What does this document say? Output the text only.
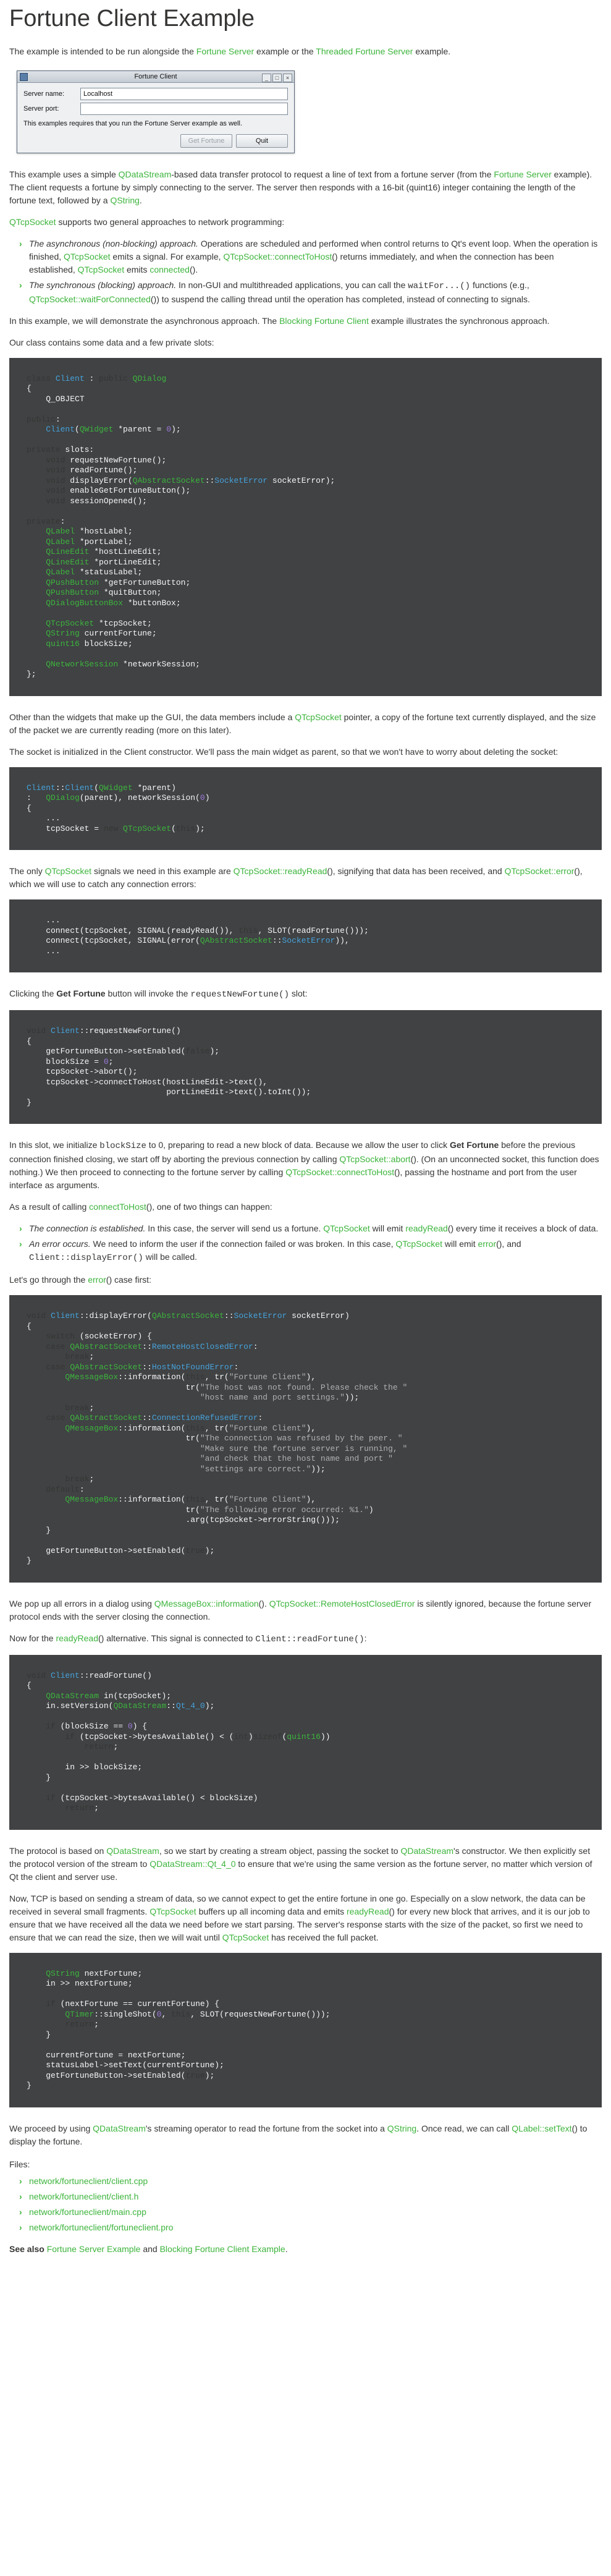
Fortune Client Example

The example is intended to be run alongside the Fortune Server example or the Threaded Fortune Server example.

Fortune Client	_ □ ×
Server name:	Localhost
Server port:
This examples requires that you run the Fortune Server example as well.
Get Fortune	Quit

This example uses a simple QDataStream-based data transfer protocol to request a line of text from a fortune server (from the Fortune Server example). The client requests a fortune by simply connecting to the server. The server then responds with a 16-bit (quint16) integer containing the length of the fortune text, followed by a QString.

QTcpSocket supports two general approaches to network programming:

› The asynchronous (non-blocking) approach. Operations are scheduled and performed when control returns to Qt's event loop. When the operation is finished, QTcpSocket emits a signal. For example, QTcpSocket::connectToHost() returns immediately, and when the connection has been established, QTcpSocket emits connected().
› The synchronous (blocking) approach. In non-GUI and multithreaded applications, you can call the waitFor...() functions (e.g., QTcpSocket::waitForConnected()) to suspend the calling thread until the operation has completed, instead of connecting to signals.

In this example, we will demonstrate the asynchronous approach. The Blocking Fortune Client example illustrates the synchronous approach.

Our class contains some data and a few private slots:

class Client : public QDialog
{
Q_OBJECT

public:
Client(QWidget *parent = 0);

private slots:
void requestNewFortune();
void readFortune();
void displayError(QAbstractSocket::SocketError socketError);
void enableGetFortuneButton();
void sessionOpened();

private:
QLabel *hostLabel;
QLabel *portLabel;
QLineEdit *hostLineEdit;
QLineEdit *portLineEdit;
QLabel *statusLabel;
QPushButton *getFortuneButton;
QPushButton *quitButton;
QDialogButtonBox *buttonBox;

QTcpSocket *tcpSocket;
QString currentFortune;
quint16 blockSize;

QNetworkSession *networkSession;
};

Other than the widgets that make up the GUI, the data members include a QTcpSocket pointer, a copy of the fortune text currently displayed, and the size of the packet we are currently reading (more on this later).

The socket is initialized in the Client constructor. We'll pass the main widget as parent, so that we won't have to worry about deleting the socket:

Client::Client(QWidget *parent)
:   QDialog(parent), networkSession(0)
{
...
tcpSocket = new QTcpSocket(this);

The only QTcpSocket signals we need in this example are QTcpSocket::readyRead(), signifying that data has been received, and QTcpSocket::error(), which we will use to catch any connection errors:

...
connect(tcpSocket, SIGNAL(readyRead()), this, SLOT(readFortune()));
connect(tcpSocket, SIGNAL(error(QAbstractSocket::SocketError)),
...

Clicking the Get Fortune button will invoke the requestNewFortune() slot:

void Client::requestNewFortune()
{
getFortuneButton->setEnabled(false);
blockSize = 0;
tcpSocket->abort();
tcpSocket->connectToHost(hostLineEdit->text(),
portLineEdit->text().toInt());
}

In this slot, we initialize blockSize to 0, preparing to read a new block of data. Because we allow the user to click Get Fortune before the previous connection finished closing, we start off by aborting the previous connection by calling QTcpSocket::abort(). (On an unconnected socket, this function does nothing.) We then proceed to connecting to the fortune server by calling QTcpSocket::connectToHost(), passing the hostname and port from the user interface as arguments.

As a result of calling connectToHost(), one of two things can happen:

› The connection is established. In this case, the server will send us a fortune. QTcpSocket will emit readyRead() every time it receives a block of data.
› An error occurs. We need to inform the user if the connection failed or was broken. In this case, QTcpSocket will emit error(), and Client::displayError() will be called.

Let's go through the error() case first:

void Client::displayError(QAbstractSocket::SocketError socketError)
{
switch (socketError) {
case QAbstractSocket::RemoteHostClosedError:
break;
case QAbstractSocket::HostNotFoundError:
QMessageBox::information(this, tr("Fortune Client"),
tr("The host was not found. Please check the "
"host name and port settings."));
break;
case QAbstractSocket::ConnectionRefusedError:
QMessageBox::information(this, tr("Fortune Client"),
tr("The connection was refused by the peer. "
"Make sure the fortune server is running, "
"and check that the host name and port "
"settings are correct."));
break;
default:
QMessageBox::information(this, tr("Fortune Client"),
tr("The following error occurred: %1.")
.arg(tcpSocket->errorString()));
}

getFortuneButton->setEnabled(true);
}

We pop up all errors in a dialog using QMessageBox::information(). QTcpSocket::RemoteHostClosedError is silently ignored, because the fortune server protocol ends with the server closing the connection.

Now for the readyRead() alternative. This signal is connected to Client::readFortune():

void Client::readFortune()
{
QDataStream in(tcpSocket);
in.setVersion(QDataStream::Qt_4_0);

if (blockSize == 0) {
if (tcpSocket->bytesAvailable() < (int)sizeof(quint16))
return;

in >> blockSize;
}

if (tcpSocket->bytesAvailable() < blockSize)
return;

The protocol is based on QDataStream, so we start by creating a stream object, passing the socket to QDataStream's constructor. We then explicitly set the protocol version of the stream to QDataStream::Qt_4_0 to ensure that we're using the same version as the fortune server, no matter which version of Qt the client and server use.

Now, TCP is based on sending a stream of data, so we cannot expect to get the entire fortune in one go. Especially on a slow network, the data can be received in several small fragments. QTcpSocket buffers up all incoming data and emits readyRead() for every new block that arrives, and it is our job to ensure that we have received all the data we need before we start parsing. The server's response starts with the size of the packet, so first we need to ensure that we can read the size, then we will wait until QTcpSocket has received the full packet.

QString nextFortune;
in >> nextFortune;

if (nextFortune == currentFortune) {
QTimer::singleShot(0, this, SLOT(requestNewFortune()));
return;
}

currentFortune = nextFortune;
statusLabel->setText(currentFortune);
getFortuneButton->setEnabled(true);
}

We proceed by using QDataStream's streaming operator to read the fortune from the socket into a QString. Once read, we can call QLabel::setText() to display the fortune.

Files:

› network/fortuneclient/client.cpp
› network/fortuneclient/client.h
› network/fortuneclient/main.cpp
› network/fortuneclient/fortuneclient.pro

See also Fortune Server Example and Blocking Fortune Client Example.
